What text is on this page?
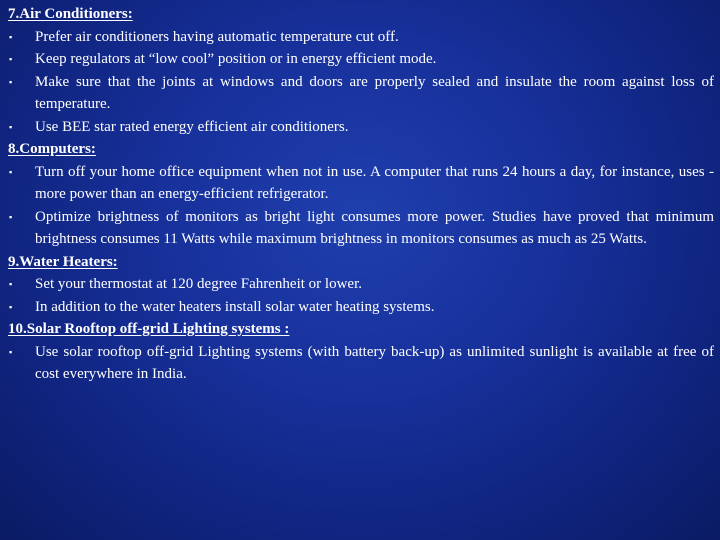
7.Air Conditioners:
▪	Prefer air conditioners having automatic temperature cut off.
▪	Keep regulators at “low cool” position or in energy efficient mode.
▪	Make sure that the joints at windows and doors are properly sealed and insulate the room against loss of temperature.
▪	Use BEE star rated energy efficient air conditioners.
8.Computers:
▪	Turn off your home office equipment when not in use. A computer that runs 24 hours a day, for instance, uses - more power than an energy-efficient refrigerator.
▪	Optimize brightness of monitors as bright light consumes more power. Studies have proved that minimum brightness consumes 11 Watts while maximum brightness in monitors consumes as much as 25 Watts.
9.Water Heaters:
▪	Set your thermostat at 120 degree Fahrenheit or lower.
▪	In addition to the water heaters install solar water heating systems.
10.Solar Rooftop off-grid Lighting systems :
▪	Use solar rooftop off-grid Lighting systems (with battery back-up) as unlimited sunlight is available at free of cost everywhere in India.
